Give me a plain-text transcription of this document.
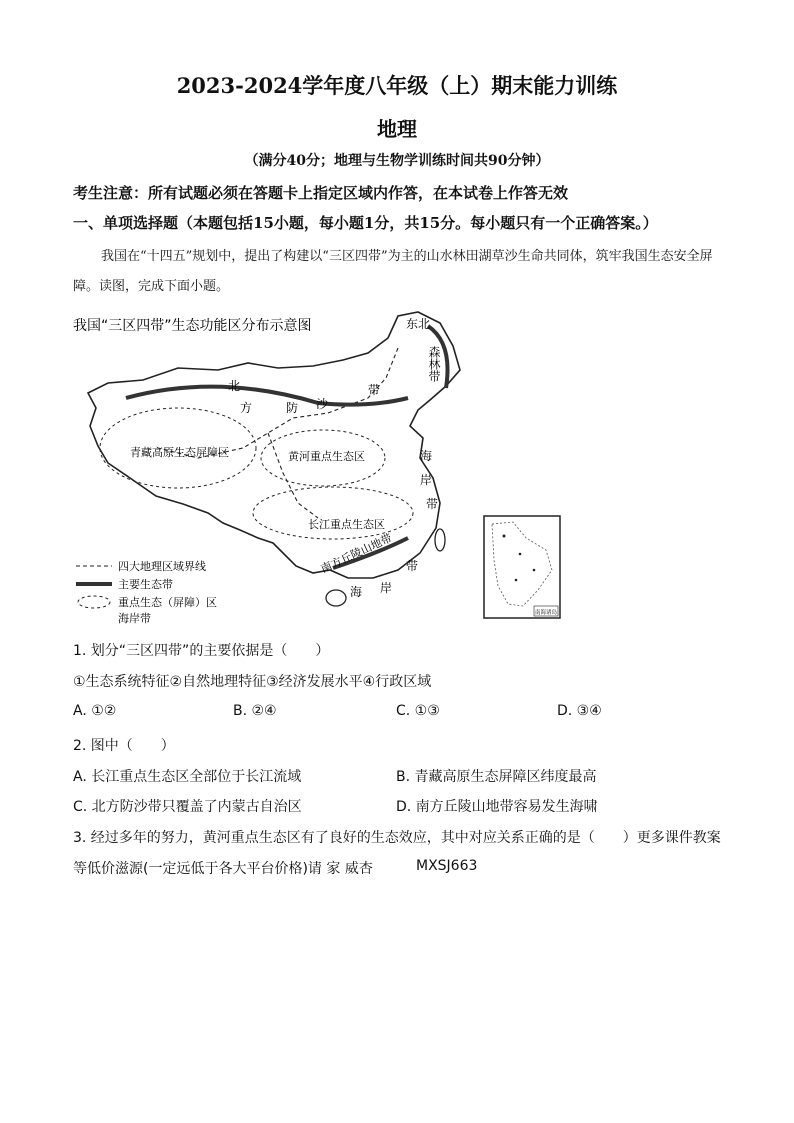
2023-2024学年度八年级（上）期末能力训练
地理
（满分40分；地理与生物学训练时间共90分钟）
考生注意：所有试题必须在答题卡上指定区域内作答，在本试卷上作答无效
一、单项选择题（本题包括15小题，每小题1分，共15分。每小题只有一个正确答案。）
我国在“十四五”规划中，提出了构建以“三区四带”为主的山水林田湖草沙生命共同体，筑牢我国生态安全屏障。读图，完成下面小题。
我国“三区四带”生态功能区分布示意图	东北
森林带
北
方	防 沙
带
青藏高原生态屏障区	黄河重点生态区
长江重点生态区
南方丘陵山地带
海
岸
带
带
海 岸
四大地理区域界线
主要生态带
重点生态（屏障）区
海岸带	南海诸岛
1. 划分“三区四带”的主要依据是（　　）
①生态系统特征②自然地理特征③经济发展水平④行政区域
A. ①②	B. ②④	C. ①③	D. ③④
2. 图中（　　）
A. 长江重点生态区全部位于长江流域	B. 青藏高原生态屏障区纬度最高
C. 北方防沙带只覆盖了内蒙古自治区	D. 南方丘陵山地带容易发生海啸
3. 经过多年的努力，黄河重点生态区有了良好的生态效应，其中对应关系正确的是（　　）更多课件教案
等低价滋源(一定远低于各大平台价格)请 家 威杏	MXSJ663
